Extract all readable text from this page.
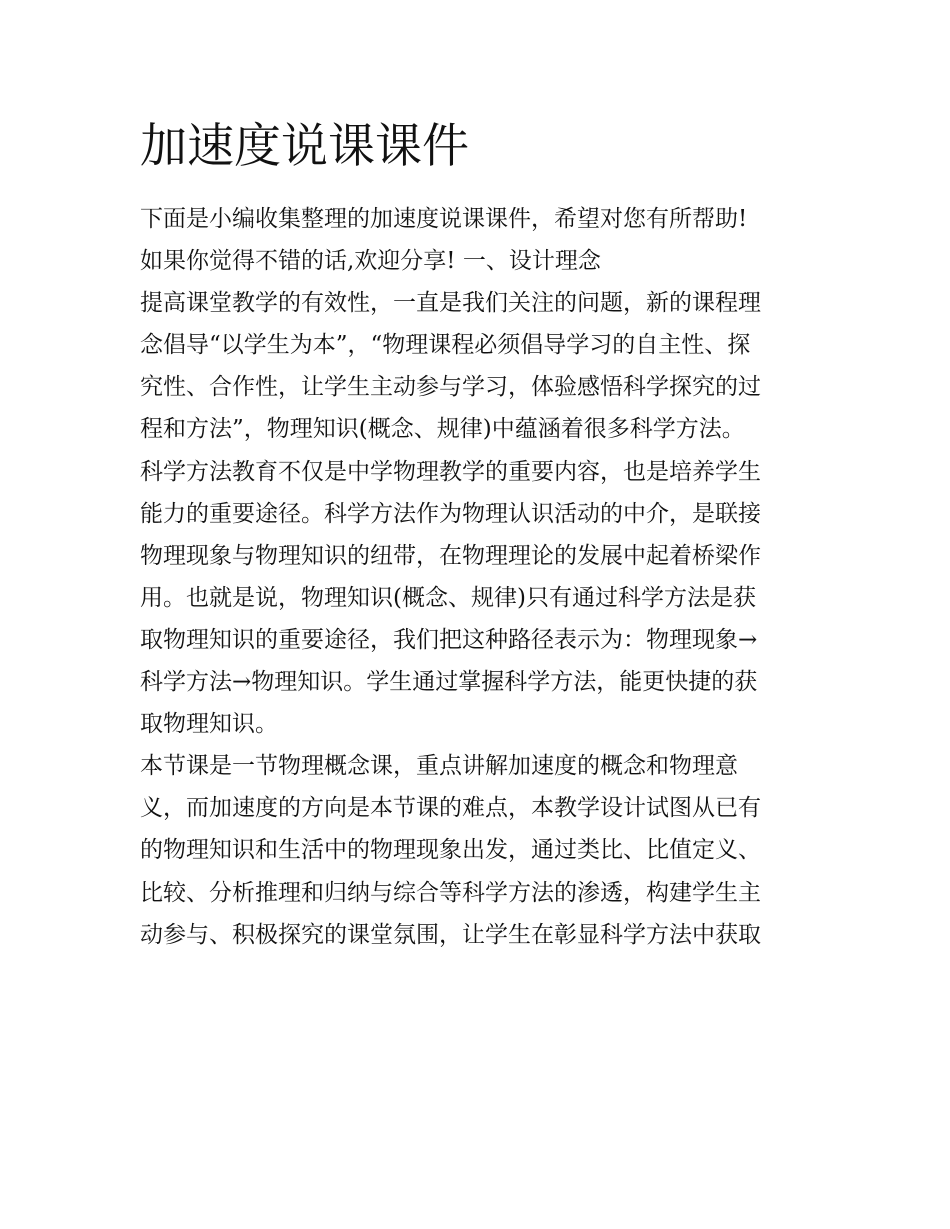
加速度说课课件
下面是小编收集整理的加速度说课课件，希望对您有所帮助!
如果你觉得不错的话,欢迎分享! 一、设计理念
提高课堂教学的有效性，一直是我们关注的问题，新的课程理
念倡导“以学生为本”，“物理课程必须倡导学习的自主性、探
究性、合作性，让学生主动参与学习，体验感悟科学探究的过
程和方法”，物理知识(概念、规律)中蕴涵着很多科学方法。
科学方法教育不仅是中学物理教学的重要内容，也是培养学生
能力的重要途径。科学方法作为物理认识活动的中介，是联接
物理现象与物理知识的纽带，在物理理论的发展中起着桥梁作
用。也就是说，物理知识(概念、规律)只有通过科学方法是获
取物理知识的重要途径，我们把这种路径表示为：物理现象→
科学方法→物理知识。学生通过掌握科学方法，能更快捷的获
取物理知识。
本节课是一节物理概念课，重点讲解加速度的概念和物理意
义，而加速度的方向是本节课的难点，本教学设计试图从已有
的物理知识和生活中的物理现象出发，通过类比、比值定义、
比较、分析推理和归纳与综合等科学方法的渗透，构建学生主
动参与、积极探究的课堂氛围，让学生在彰显科学方法中获取
